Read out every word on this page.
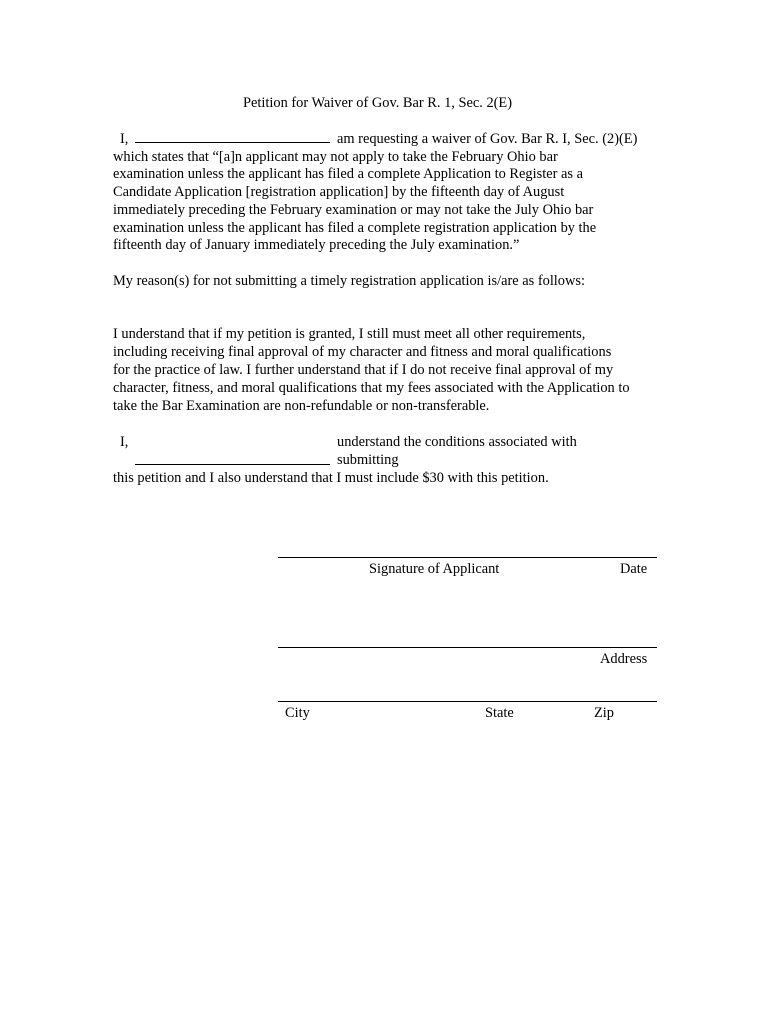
Petition for Waiver of Gov. Bar R. 1, Sec. 2(E)
I,	am requesting a waiver of Gov. Bar R. I, Sec. (2)(E)
which states that “[a]n applicant may not apply to take the February Ohio bar
examination unless the applicant has filed a complete Application to Register as a
Candidate Application [registration application] by the fifteenth day of August
immediately preceding the February examination or may not take the July Ohio bar
examination unless the applicant has filed a complete registration application by the
fifteenth day of January immediately preceding the July examination.”
My reason(s) for not submitting a timely registration application is/are as follows:
I understand that if my petition is granted, I still must meet all other requirements,
including receiving final approval of my character and fitness and moral qualifications
for the practice of law. I further understand that if I do not receive final approval of my
character, fitness, and moral qualifications that my fees associated with the Application to
take the Bar Examination are non-refundable or non-transferable.
I,	understand the conditions associated with
submitting
this petition and I also understand that I must include $30 with this petition.
Signature of Applicant	Date
Address
City	State	Zip
